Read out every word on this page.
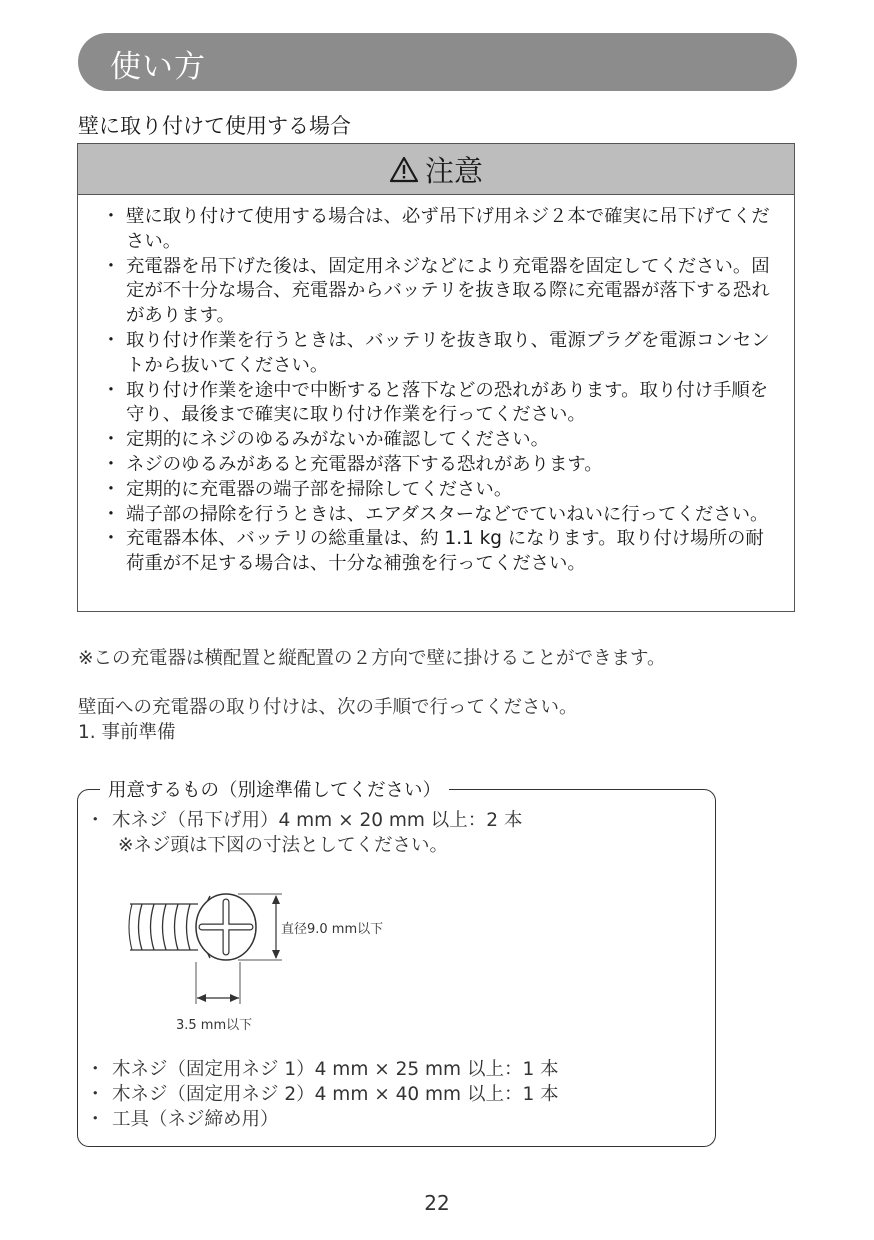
使い方
壁に取り付けて使用する場合
注意
・ 壁に取り付けて使用する場合は、必ず吊下げ用ネジ２本で確実に吊下げてください。
・ 充電器を吊下げた後は、固定用ネジなどにより充電器を固定してください。固定が不十分な場合、充電器からバッテリを抜き取る際に充電器が落下する恐れがあります。
・ 取り付け作業を行うときは、バッテリを抜き取り、電源プラグを電源コンセントから抜いてください。
・ 取り付け作業を途中で中断すると落下などの恐れがあります。取り付け手順を守り、最後まで確実に取り付け作業を行ってください。
・ 定期的にネジのゆるみがないか確認してください。
・ ネジのゆるみがあると充電器が落下する恐れがあります。
・ 定期的に充電器の端子部を掃除してください。
・ 端子部の掃除を行うときは、エアダスターなどでていねいに行ってください。
・ 充電器本体、バッテリの総重量は、約 1.1 kg になります。取り付け場所の耐荷重が不足する場合は、十分な補強を行ってください。
※この充電器は横配置と縦配置の２方向で壁に掛けることができます。
壁面への充電器の取り付けは、次の手順で行ってください。
1. 事前準備
用意するもの（別途準備してください）
・ 木ネジ（吊下げ用）4 mm × 20 mm 以上：2 本
※ネジ頭は下図の寸法としてください。
直径9.0 mm以下
3.5 mm以下
・ 木ネジ（固定用ネジ 1）4 mm × 25 mm 以上：1 本
・ 木ネジ（固定用ネジ 2）4 mm × 40 mm 以上：1 本
・ 工具（ネジ締め用）
22
